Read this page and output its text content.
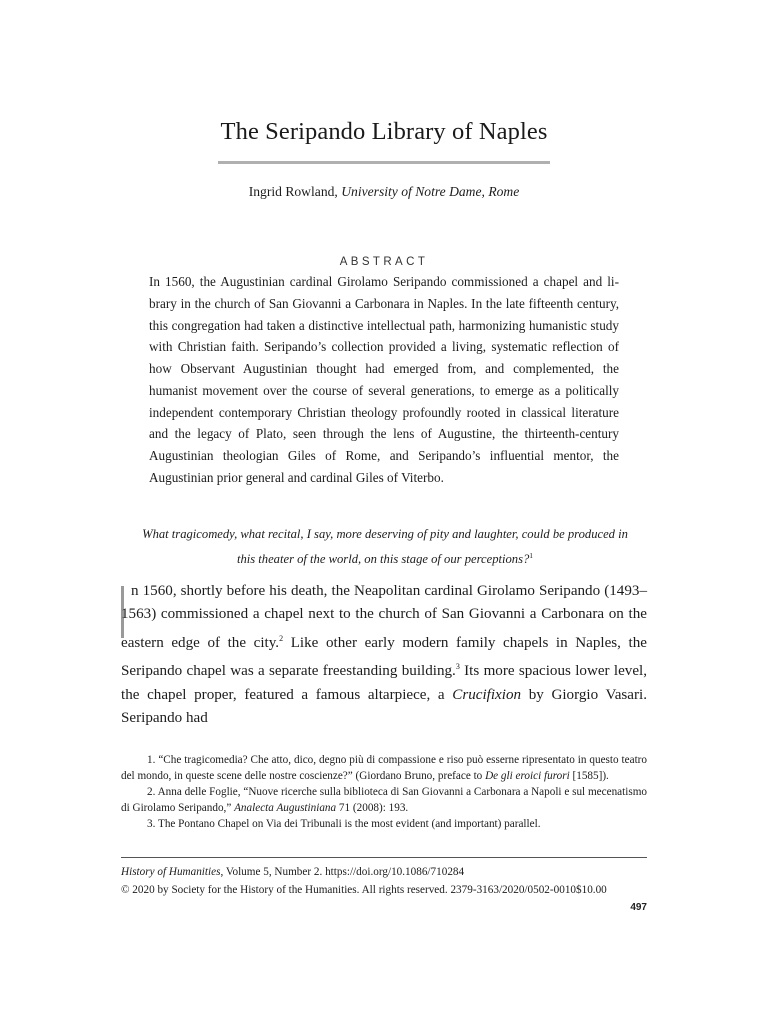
The Seripando Library of Naples
Ingrid Rowland, University of Notre Dame, Rome
ABSTRACT

In 1560, the Augustinian cardinal Girolamo Seripando commissioned a chapel and library in the church of San Giovanni a Carbonara in Naples. In the late fifteenth century, this congregation had taken a distinctive intellectual path, harmonizing humanistic study with Christian faith. Seripando’s collection provided a living, systematic reflection of how Observant Augustinian thought had emerged from, and complemented, the humanist movement over the course of several generations, to emerge as a politically independent contemporary Christian theology profoundly rooted in classical literature and the legacy of Plato, seen through the lens of Augustine, the thirteenth-century Augustinian theologian Giles of Rome, and Seripando’s influential mentor, the Augustinian prior general and cardinal Giles of Viterbo.

What tragicomedy, what recital, I say, more deserving of pity and laughter, could be produced in this theater of the world, on this stage of our perceptions?$^1$

n 1560, shortly before his death, the Neapolitan cardinal Girolamo Seripando (1493–1563) commissioned a chapel next to the church of San Giovanni a Carbonara on the eastern edge of the city.$^2$ Like other early modern family chapels in Naples, the Seripando chapel was a separate freestanding building.$^3$ Its more spacious lower level, the chapel proper, featured a famous altarpiece, a Crucifixion by Giorgio Vasari. Seripando had

1. “Che tragicomedia? Che atto, dico, degno più di compassione e riso può esserne ripresentato in questo teatro del mondo, in queste scene delle nostre coscienze?” (Giordano Bruno, preface to De gli eroici furori [1585]).

2. Anna delle Foglie, “Nuove ricerche sulla biblioteca di San Giovanni a Carbonara a Napoli e sul mecenatismo di Girolamo Seripando,” Analecta Augustiniana 71 (2008): 193.

3. The Pontano Chapel on Via dei Tribunali is the most evident (and important) parallel.

History of Humanities, Volume 5, Number 2. https://doi.org/10.1086/710284
© 2020 by Society for the History of the Humanities. All rights reserved. 2379-3163/2020/0502-0010$10.00
497
